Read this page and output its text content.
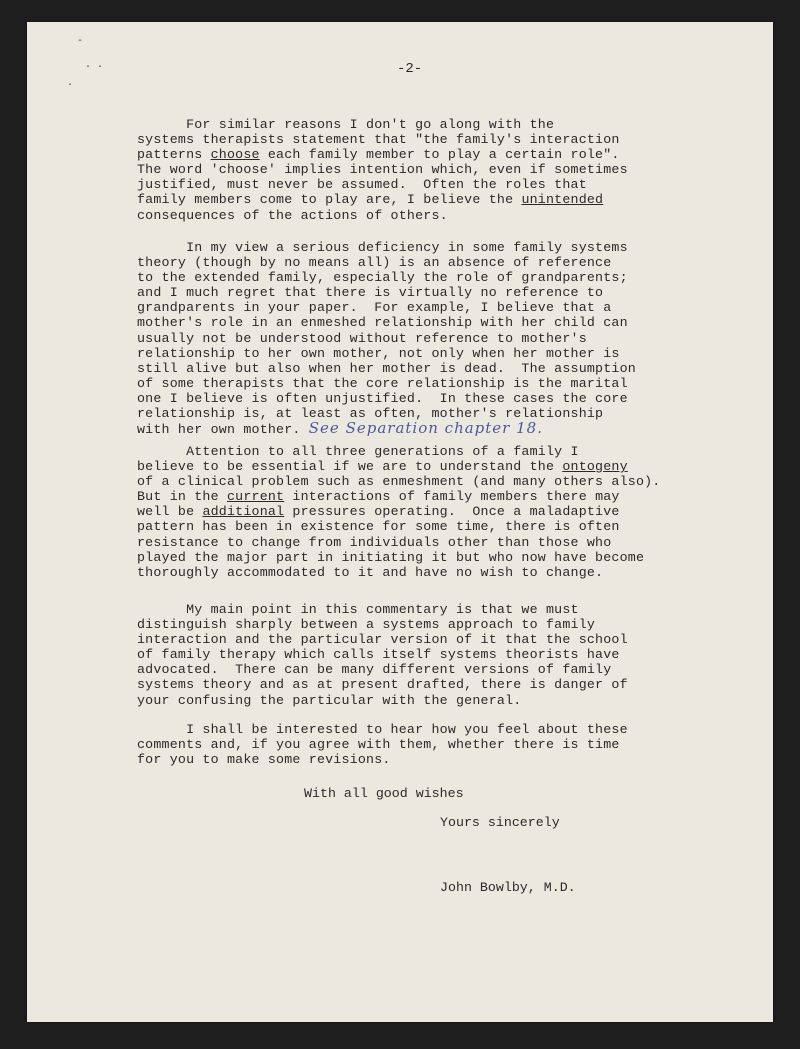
-
. .
.
-2-

For similar reasons I don't go along with the
systems therapists statement that "the family's interaction
patterns choose each family member to play a certain role".
The word 'choose' implies intention which, even if sometimes
justified, must never be assumed.  Often the roles that
family members come to play are, I believe the unintended
consequences of the actions of others.

In my view a serious deficiency in some family systems
theory (though by no means all) is an absence of reference
to the extended family, especially the role of grandparents;
and I much regret that there is virtually no reference to
grandparents in your paper.  For example, I believe that a
mother's role in an enmeshed relationship with her child can
usually not be understood without reference to mother's
relationship to her own mother, not only when her mother is
still alive but also when her mother is dead.  The assumption
of some therapists that the core relationship is the marital
one I believe is often unjustified.  In these cases the core
relationship is, at least as often, mother's relationship
with her own mother. See Separation chapter 18.

Attention to all three generations of a family I
believe to be essential if we are to understand the ontogeny
of a clinical problem such as enmeshment (and many others also).
But in the current interactions of family members there may
well be additional pressures operating.  Once a maladaptive
pattern has been in existence for some time, there is often
resistance to change from individuals other than those who
played the major part in initiating it but who now have become
thoroughly accommodated to it and have no wish to change.

My main point in this commentary is that we must
distinguish sharply between a systems approach to family
interaction and the particular version of it that the school
of family therapy which calls itself systems theorists have
advocated.  There can be many different versions of family
systems theory and as at present drafted, there is danger of
your confusing the particular with the general.

I shall be interested to hear how you feel about these
comments and, if you agree with them, whether there is time
for you to make some revisions.

With all good wishes

Yours sincerely

John Bowlby, M.D.
